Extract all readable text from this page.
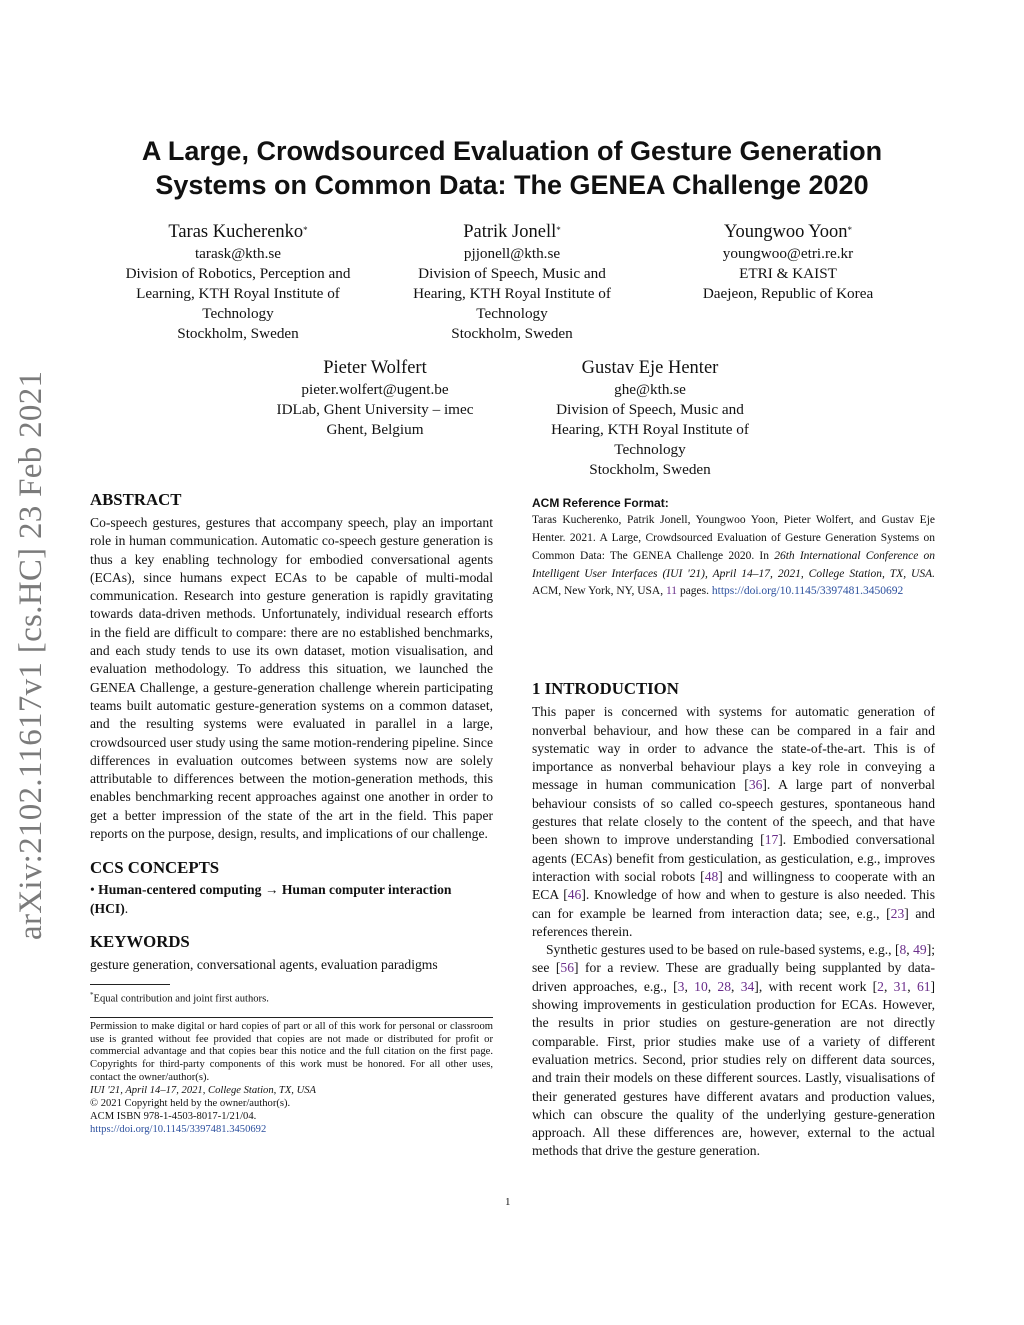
A Large, Crowdsourced Evaluation of Gesture Generation
Systems on Common Data: The GENEA Challenge 2020
Taras Kucherenko*
tarask@kth.se
Division of Robotics, Perception and
Learning, KTH Royal Institute of
Technology
Stockholm, Sweden
Patrik Jonell*
pjjonell@kth.se
Division of Speech, Music and
Hearing, KTH Royal Institute of
Technology
Stockholm, Sweden
Youngwoo Yoon*
youngwoo@etri.re.kr
ETRI & KAIST
Daejeon, Republic of Korea
Pieter Wolfert
pieter.wolfert@ugent.be
IDLab, Ghent University – imec
Ghent, Belgium
Gustav Eje Henter
ghe@kth.se
Division of Speech, Music and
Hearing, KTH Royal Institute of
Technology
Stockholm, Sweden
arXiv:2102.11617v1 [cs.HC] 23 Feb 2021 ABSTRACT

Co-speech gestures, gestures that accompany speech, play an important role in human communication. Automatic co-speech gesture generation is thus a key enabling technology for embodied conversational agents (ECAs), since humans expect ECAs to be capable of multi-modal communication. Research into gesture generation is rapidly gravitating towards data-driven methods. Unfortunately, individual research efforts in the field are difficult to compare: there are no established benchmarks, and each study tends to use its own dataset, motion visualisation, and evaluation methodology. To address this situation, we launched the GENEA Challenge, a gesture-generation challenge wherein participating teams built automatic gesture-generation systems on a common dataset, and the resulting systems were evaluated in parallel in a large, crowdsourced user study using the same motion-rendering pipeline. Since differences in evaluation outcomes between systems now are solely attributable to differences between the motion-generation methods, this enables benchmarking recent approaches against one another in order to get a better impression of the state of the art in the field. This paper reports on the purpose, design, results, and implications of our challenge.

CCS CONCEPTS

• Human-centered computing → Human computer interaction (HCI).

KEYWORDS

gesture generation, conversational agents, evaluation paradigms

*Equal contribution and joint first authors.

Permission to make digital or hard copies of part or all of this work for personal or classroom use is granted without fee provided that copies are not made or distributed for profit or commercial advantage and that copies bear this notice and the full citation on the first page. Copyrights for third-party components of this work must be honored. For all other uses, contact the owner/author(s).

IUI '21, April 14–17, 2021, College Station, TX, USA

© 2021 Copyright held by the owner/author(s).

ACM ISBN 978-1-4503-8017-1/21/04.

https://doi.org/10.1145/3397481.3450692

ACM Reference Format:

Taras Kucherenko, Patrik Jonell, Youngwoo Yoon, Pieter Wolfert, and Gustav Eje Henter. 2021. A Large, Crowdsourced Evaluation of Gesture Generation Systems on Common Data: The GENEA Challenge 2020. In 26th International Conference on Intelligent User Interfaces (IUI '21), April 14–17, 2021, College Station, TX, USA. ACM, New York, NY, USA, 11 pages. https://doi.org/10.1145/3397481.3450692

1 INTRODUCTION

This paper is concerned with systems for automatic generation of nonverbal behaviour, and how these can be compared in a fair and systematic way in order to advance the state-of-the-art. This is of importance as nonverbal behaviour plays a key role in conveying a message in human communication [36]. A large part of nonverbal behaviour consists of so called co-speech gestures, spontaneous hand gestures that relate closely to the content of the speech, and that have been shown to improve understanding [17]. Embodied conversational agents (ECAs) benefit from gesticulation, as gesticulation, e.g., improves interaction with social robots [48] and willingness to cooperate with an ECA [46]. Knowledge of how and when to gesture is also needed. This can for example be learned from interaction data; see, e.g., [23] and references therein.

Synthetic gestures used to be based on rule-based systems, e.g., [8, 49]; see [56] for a review. These are gradually being supplanted by data-driven approaches, e.g., [3, 10, 28, 34], with recent work [2, 31, 61] showing improvements in gesticulation production for ECAs. However, the results in prior studies on gesture-generation are not directly comparable. First, prior studies make use of a variety of different evaluation metrics. Second, prior studies rely on different data sources, and train their models on these different sources. Lastly, visualisations of their generated gestures have different avatars and production values, which can obscure the quality of the underlying gesture-generation approach. All these differences are, however, external to the actual methods that drive the gesture generation.

1
